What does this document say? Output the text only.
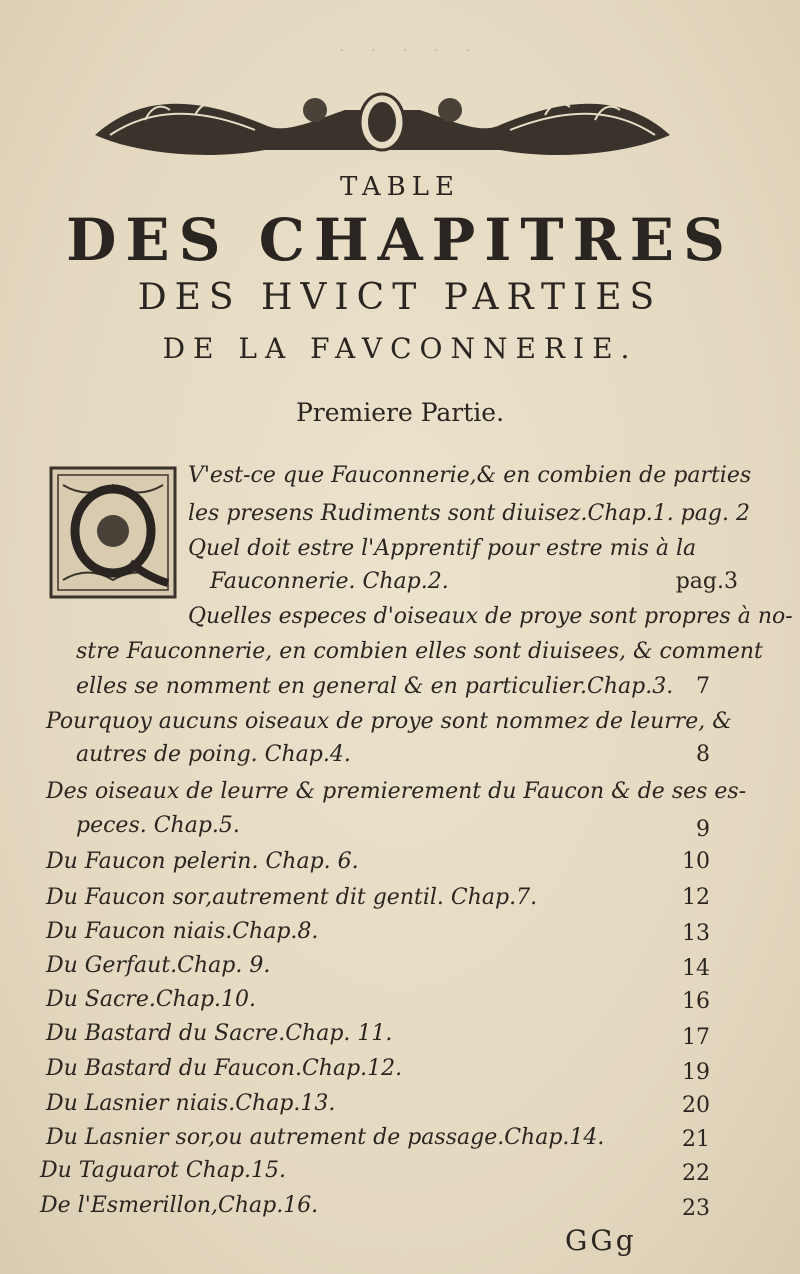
· · · · ·
TABLE
DES CHAPITRES
DES HVICT PARTIES
DE LA FAVCONNERIE.
Premiere Partie.
V'est-ce que Fauconnerie,& en combien de parties
les presens Rudiments sont diuisez.Chap.1. pag. 2
Quel doit estre l'Apprentif pour estre mis à la
Fauconnerie. Chap.2.	pag.3
Quelles especes d'oiseaux de proye sont propres à no-
stre Fauconnerie, en combien elles sont diuisees, & comment
elles se nomment en general & en particulier.Chap.3.	7
Pourquoy aucuns oiseaux de proye sont nommez de leurre, &
autres de poing. Chap.4.	8
Des oiseaux de leurre & premierement du Faucon & de ses es-
peces. Chap.5.	9
Du Faucon pelerin. Chap. 6.	10
Du Faucon sor,autrement dit gentil. Chap.7.	12
Du Faucon niais.Chap.8.	13
Du Gerfaut.Chap. 9.	14
Du Sacre.Chap.10.	16
Du Bastard du Sacre.Chap. 11.	17
Du Bastard du Faucon.Chap.12.	19
Du Lasnier niais.Chap.13.	20
Du Lasnier sor,ou autrement de passage.Chap.14.	21
Du Taguarot Chap.15.	22
De l'Esmerillon,Chap.16.	23
GGg
